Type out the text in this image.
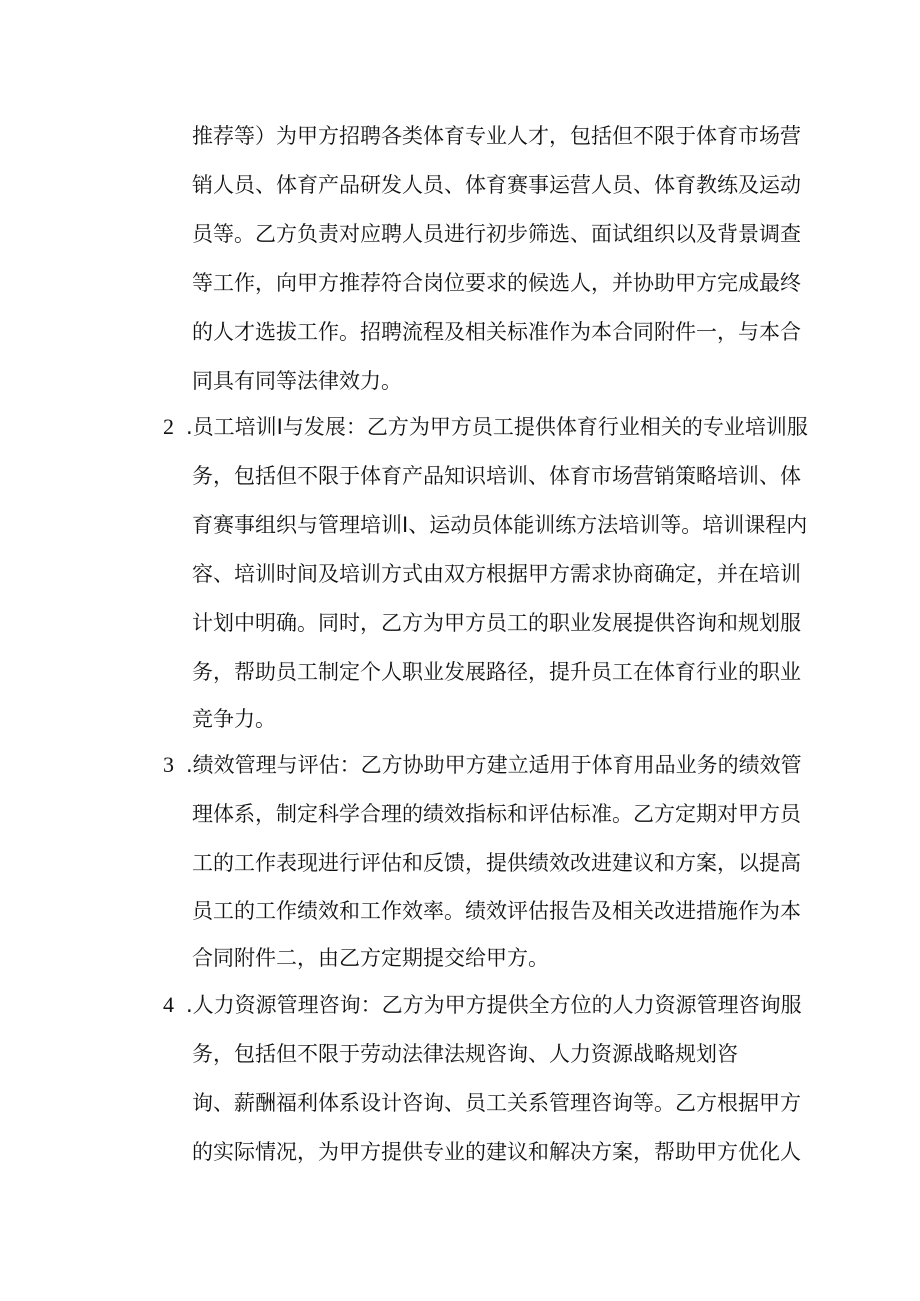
推荐等）为甲方招聘各类体育专业人才，包括但不限于体育市场营
销人员、体育产品研发人员、体育赛事运营人员、体育教练及运动
员等。乙方负责对应聘人员进行初步筛选、面试组织以及背景调查
等工作，向甲方推荐符合岗位要求的候选人，并协助甲方完成最终
的人才选拔工作。招聘流程及相关标准作为本合同附件一，与本合
同具有同等法律效力。
2 .员工培训I与发展：乙方为甲方员工提供体育行业相关的专业培训服
务，包括但不限于体育产品知识培训、体育市场营销策略培训、体
育赛事组织与管理培训I、运动员体能训练方法培训等。培训课程内
容、培训时间及培训方式由双方根据甲方需求协商确定，并在培训
计划中明确。同时，乙方为甲方员工的职业发展提供咨询和规划服
务，帮助员工制定个人职业发展路径，提升员工在体育行业的职业
竞争力。
3 .绩效管理与评估：乙方协助甲方建立适用于体育用品业务的绩效管
理体系，制定科学合理的绩效指标和评估标准。乙方定期对甲方员
工的工作表现进行评估和反馈，提供绩效改进建议和方案，以提高
员工的工作绩效和工作效率。绩效评估报告及相关改进措施作为本
合同附件二，由乙方定期提交给甲方。
4 .人力资源管理咨询：乙方为甲方提供全方位的人力资源管理咨询服
务，包括但不限于劳动法律法规咨询、人力资源战略规划咨
询、薪酬福利体系设计咨询、员工关系管理咨询等。乙方根据甲方
的实际情况，为甲方提供专业的建议和解决方案，帮助甲方优化人
